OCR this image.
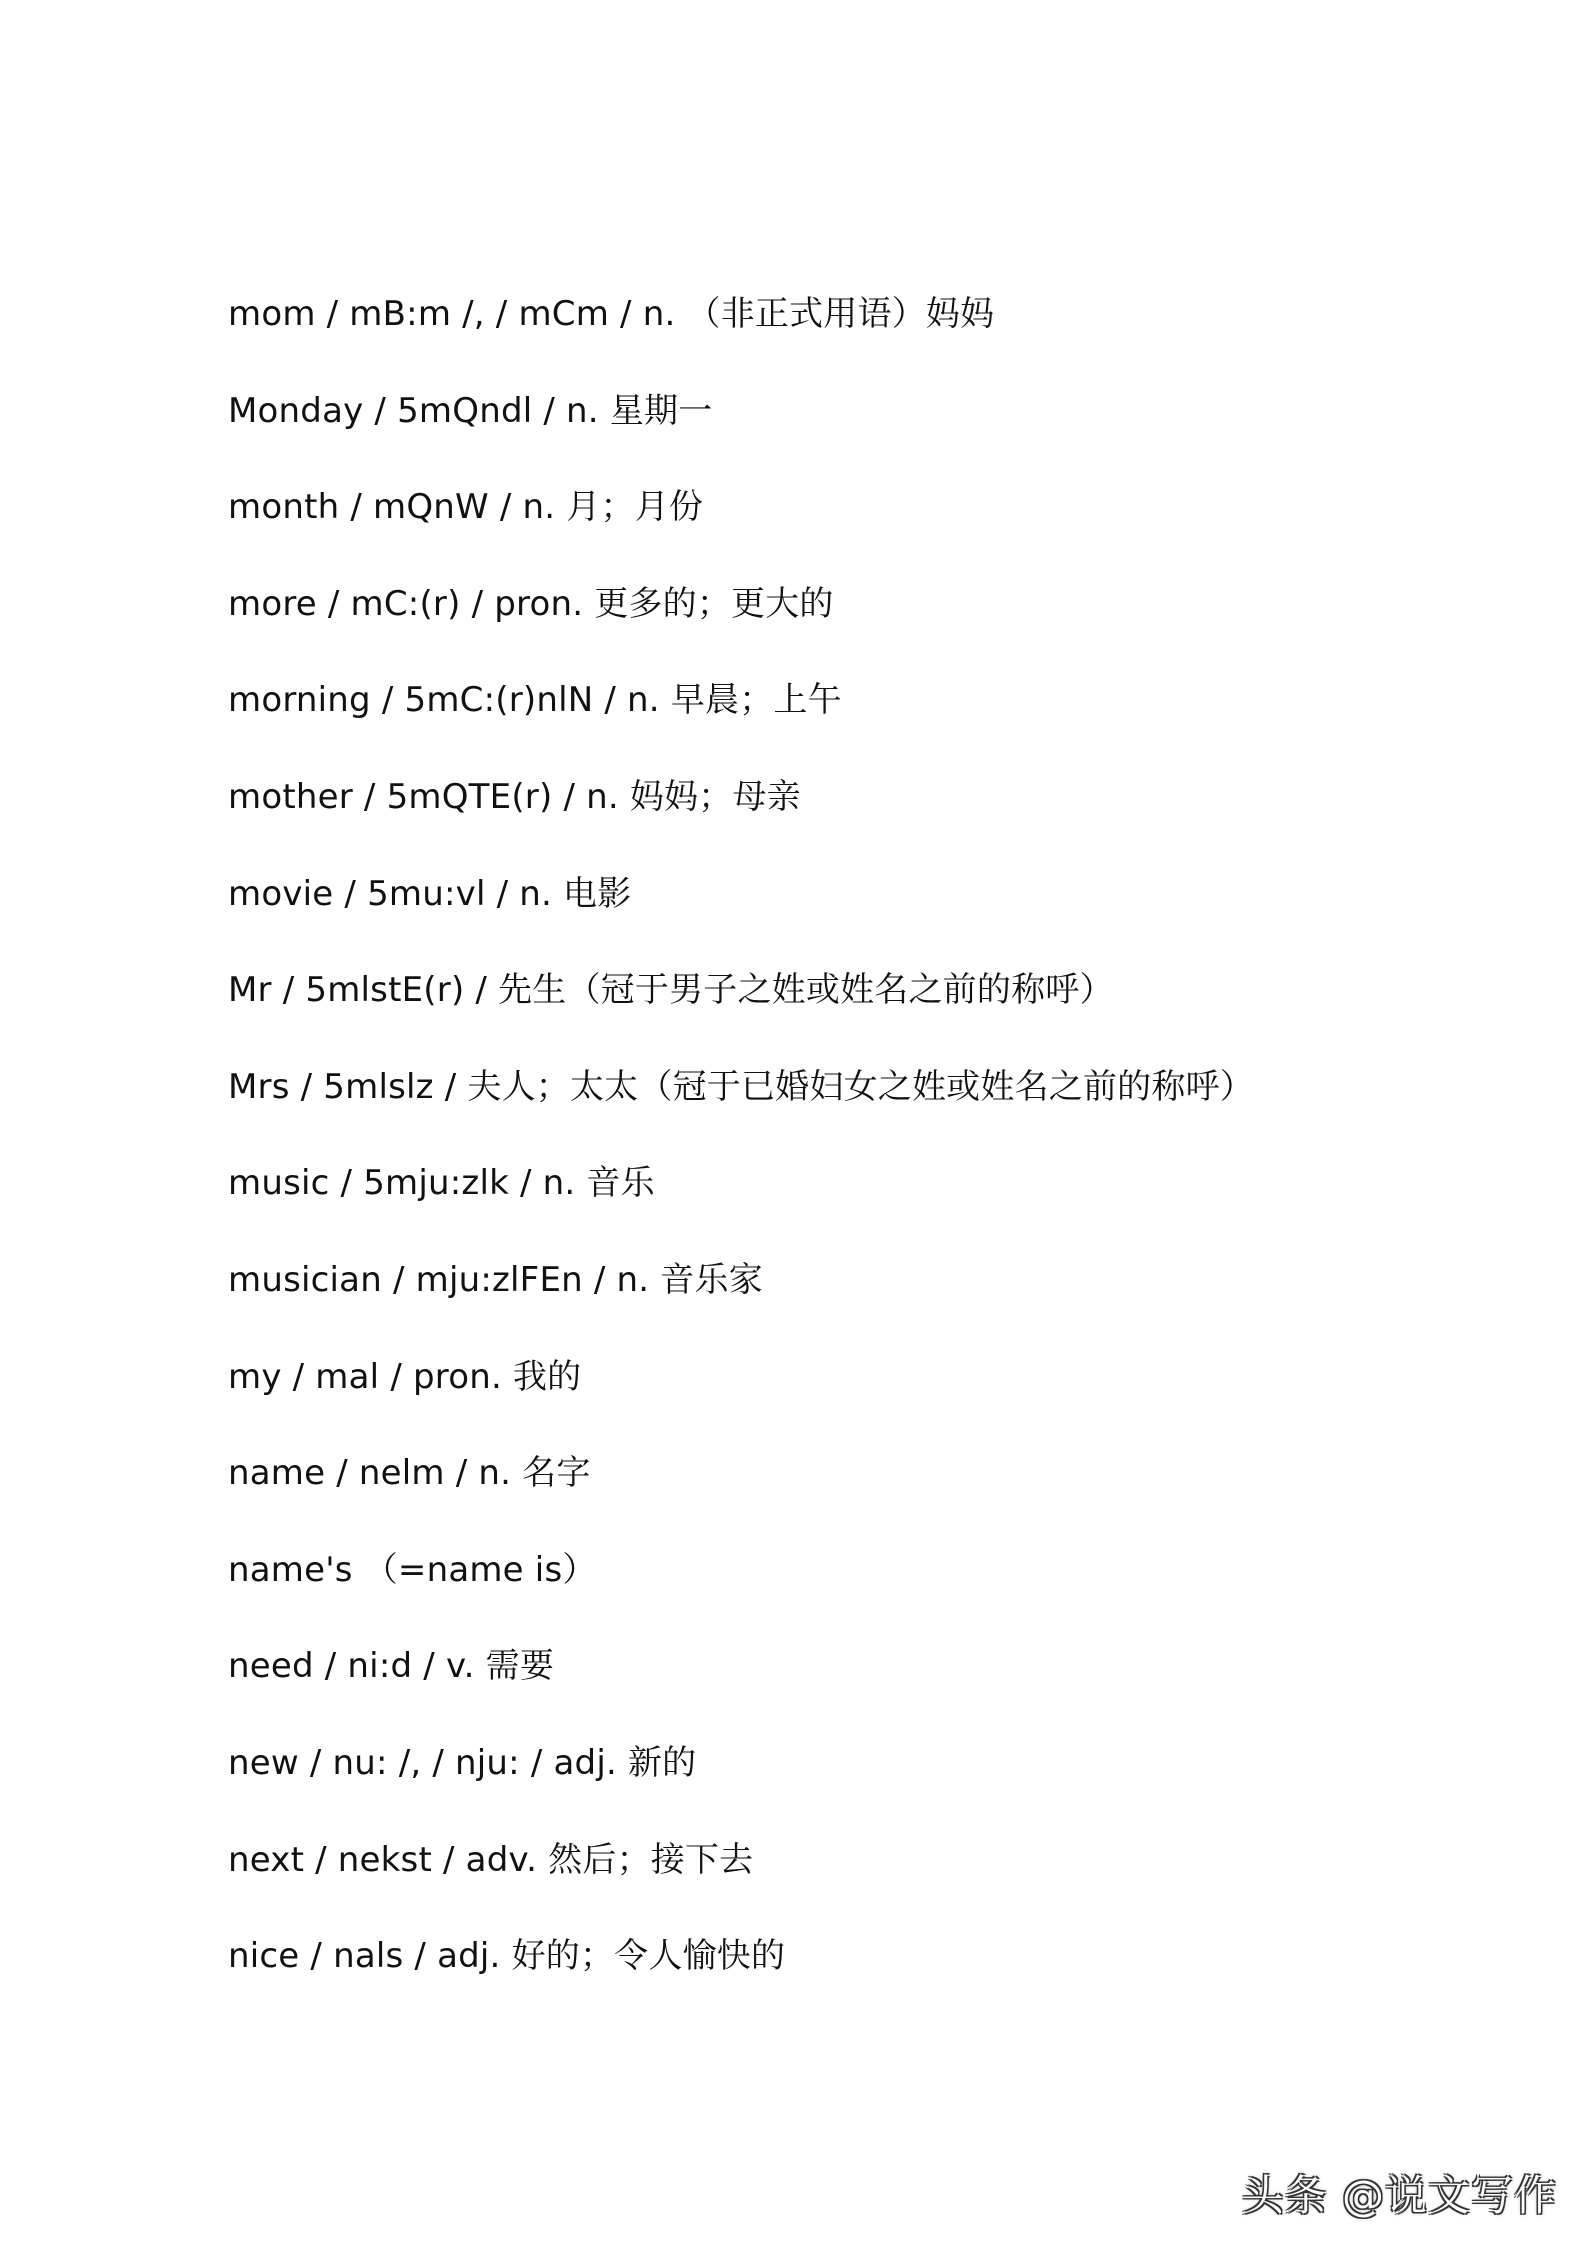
mom / mB:m /, / mCm / n. （非正式用语）妈妈
Monday / 5mQndl / n. 星期一
month / mQnW / n. 月；月份
more / mC:(r) / pron. 更多的；更大的
morning / 5mC:(r)nlN / n. 早晨；上午
mother / 5mQTE(r) / n. 妈妈；母亲
movie / 5mu:vl / n. 电影
Mr / 5mlstE(r) / 先生（冠于男子之姓或姓名之前的称呼）
Mrs / 5mlslz / 夫人；太太（冠于已婚妇女之姓或姓名之前的称呼）
music / 5mju:zlk / n. 音乐
musician / mju:zlFEn / n. 音乐家
my / mal / pron. 我的
name / nelm / n. 名字
name's （=name is）
need / ni:d / v. 需要
new / nu: /, / nju: / adj. 新的
next / nekst / adv. 然后；接下去
nice / nals / adj. 好的；令人愉快的
头条 @说文写作
